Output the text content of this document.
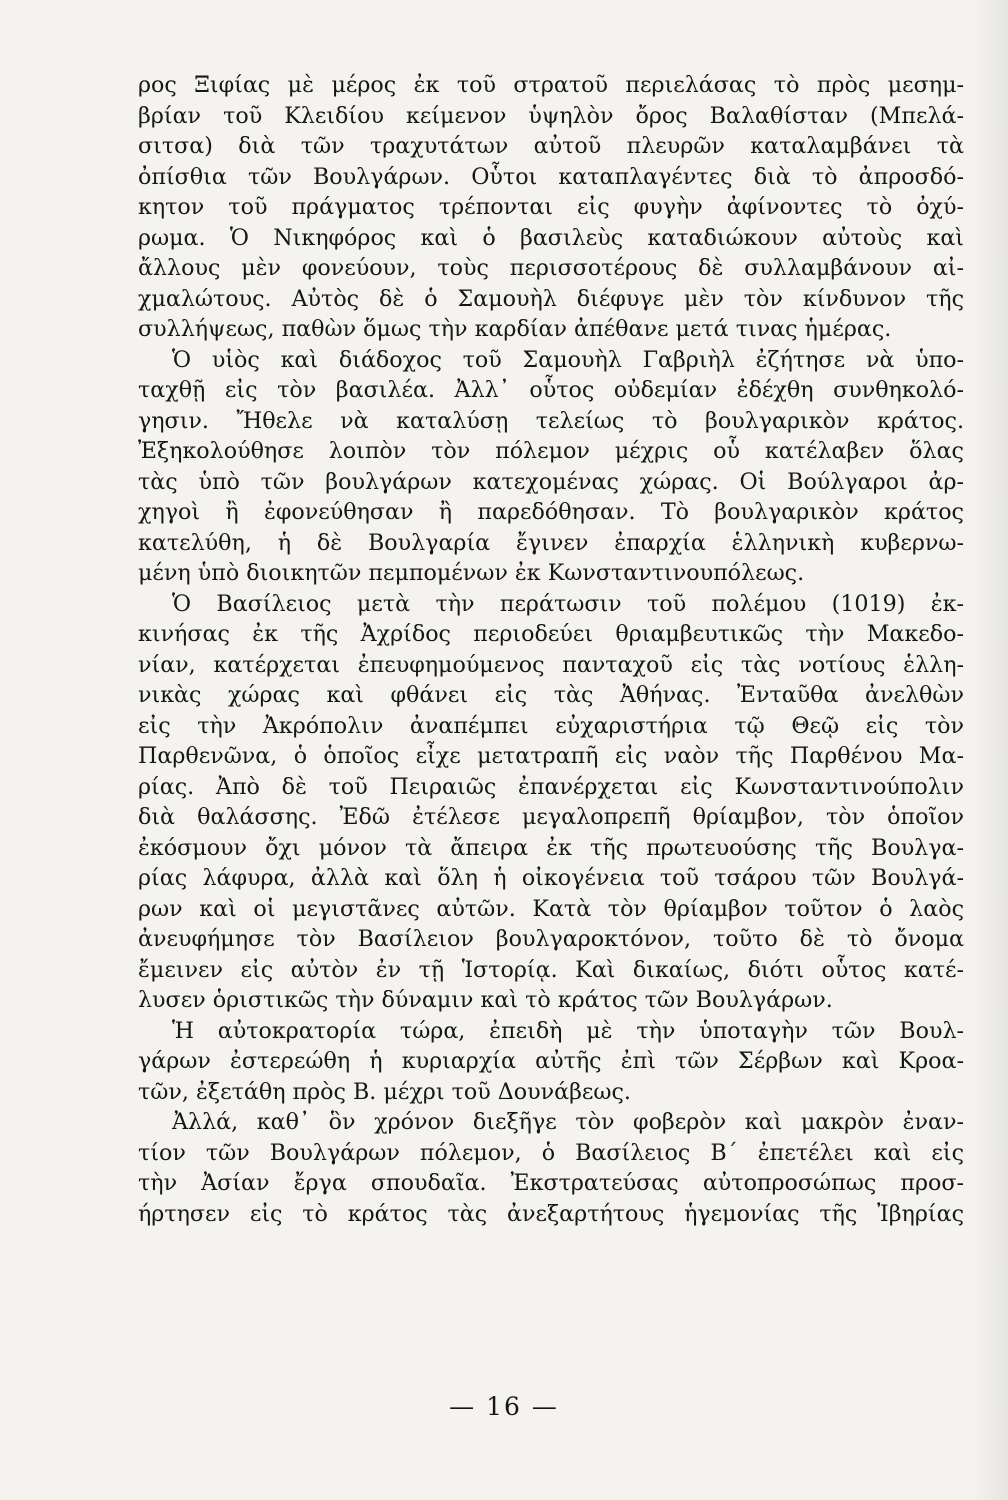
ρος Ξιφίας μὲ μέρος ἐκ τοῦ στρατοῦ περιελάσας τὸ πρὸς μεσημ-
βρίαν τοῦ Κλειδίου κείμενον ὑψηλὸν ὄρος Βαλαθίσταν (Μπελά-
σιτσα) διὰ τῶν τραχυτάτων αὐτοῦ πλευρῶν καταλαμβάνει τὰ
ὀπίσθια τῶν Βουλγάρων. Οὗτοι καταπλαγέντες διὰ τὸ ἀπροσδό-
κητον τοῦ πράγματος τρέπονται εἰς φυγὴν ἀφίνοντες τὸ ὀχύ-
ρωμα. Ὁ Νικηφόρος καὶ ὁ βασιλεὺς καταδιώκουν αὐτοὺς καὶ
ἄλλους μὲν φονεύουν, τοὺς περισσοτέρους δὲ συλλαμβάνουν αἰ-
χμαλώτους. Αὐτὸς δὲ ὁ Σαμουὴλ διέφυγε μὲν τὸν κίνδυνον τῆς
συλλήψεως, παθὼν ὅμως τὴν καρδίαν ἀπέθανε μετά τινας ἡμέρας.

Ὁ υἱὸς καὶ διάδοχος τοῦ Σαμουὴλ Γαβριὴλ ἐζήτησε νὰ ὑπο-
ταχθῇ εἰς τὸν βασιλέα. Ἀλλ᾽ οὗτος οὐδεμίαν ἐδέχθη συνθηκολό-
γησιν. Ἤθελε νὰ καταλύσῃ τελείως τὸ βουλγαρικὸν κράτος.
Ἐξηκολούθησε λοιπὸν τὸν πόλεμον μέχρις οὗ κατέλαβεν ὅλας
τὰς ὑπὸ τῶν βουλγάρων κατεχομένας χώρας. Οἱ Βούλγαροι ἀρ-
χηγοὶ ἢ ἐφονεύθησαν ἢ παρεδόθησαν. Τὸ βουλγαρικὸν κράτος
κατελύθη, ἡ δὲ Βουλγαρία ἔγινεν ἐπαρχία ἑλληνικὴ κυβερνω-
μένη ὑπὸ διοικητῶν πεμπομένων ἐκ Κωνσταντινουπόλεως.

Ὁ Βασίλειος μετὰ τὴν περάτωσιν τοῦ πολέμου (1019) ἐκ-
κινήσας ἐκ τῆς Ἀχρίδος περιοδεύει θριαμβευτικῶς τὴν Μακεδο-
νίαν, κατέρχεται ἐπευφημούμενος πανταχοῦ εἰς τὰς νοτίους ἑλλη-
νικὰς χώρας καὶ φθάνει εἰς τὰς Ἀθήνας. Ἐνταῦθα ἀνελθὼν
εἰς τὴν Ἀκρόπολιν ἀναπέμπει εὐχαριστήρια τῷ Θεῷ εἰς τὸν
Παρθενῶνα, ὁ ὁποῖος εἶχε μετατραπῆ εἰς ναὸν τῆς Παρθένου Μα-
ρίας. Ἀπὸ δὲ τοῦ Πειραιῶς ἐπανέρχεται εἰς Κωνσταντινούπολιν
διὰ θαλάσσης. Ἐδῶ ἐτέλεσε μεγαλοπρεπῆ θρίαμβον, τὸν ὁποῖον
ἐκόσμουν ὄχι μόνον τὰ ἄπειρα ἐκ τῆς πρωτευούσης τῆς Βουλγα-
ρίας λάφυρα, ἀλλὰ καὶ ὅλη ἡ οἰκογένεια τοῦ τσάρου τῶν Βουλγά-
ρων καὶ οἱ μεγιστᾶνες αὐτῶν. Κατὰ τὸν θρίαμβον τοῦτον ὁ λαὸς
ἀνευφήμησε τὸν Βασίλειον βουλγαροκτόνον, τοῦτο δὲ τὸ ὄνομα
ἔμεινεν εἰς αὐτὸν ἐν τῇ Ἱστορίᾳ. Καὶ δικαίως, διότι οὗτος κατέ-
λυσεν ὁριστικῶς τὴν δύναμιν καὶ τὸ κράτος τῶν Βουλγάρων.

Ἡ αὐτοκρατορία τώρα, ἐπειδὴ μὲ τὴν ὑποταγὴν τῶν Βουλ-
γάρων ἐστερεώθη ἡ κυριαρχία αὐτῆς ἐπὶ τῶν Σέρβων καὶ Κροα-
τῶν, ἐξετάθη πρὸς Β. μέχρι τοῦ Δουνάβεως.

Ἀλλά, καθ᾽ ὃν χρόνον διεξῆγε τὸν φοβερὸν καὶ μακρὸν ἐναν-
τίον τῶν Βουλγάρων πόλεμον, ὁ Βασίλειος Β΄ ἐπετέλει καὶ εἰς
τὴν Ἀσίαν ἔργα σπουδαῖα. Ἐκστρατεύσας αὐτοπροσώπως προσ-
ήρτησεν εἰς τὸ κράτος τὰς ἀνεξαρτήτους ἡγεμονίας τῆς Ἰβηρίας

— 16 —
